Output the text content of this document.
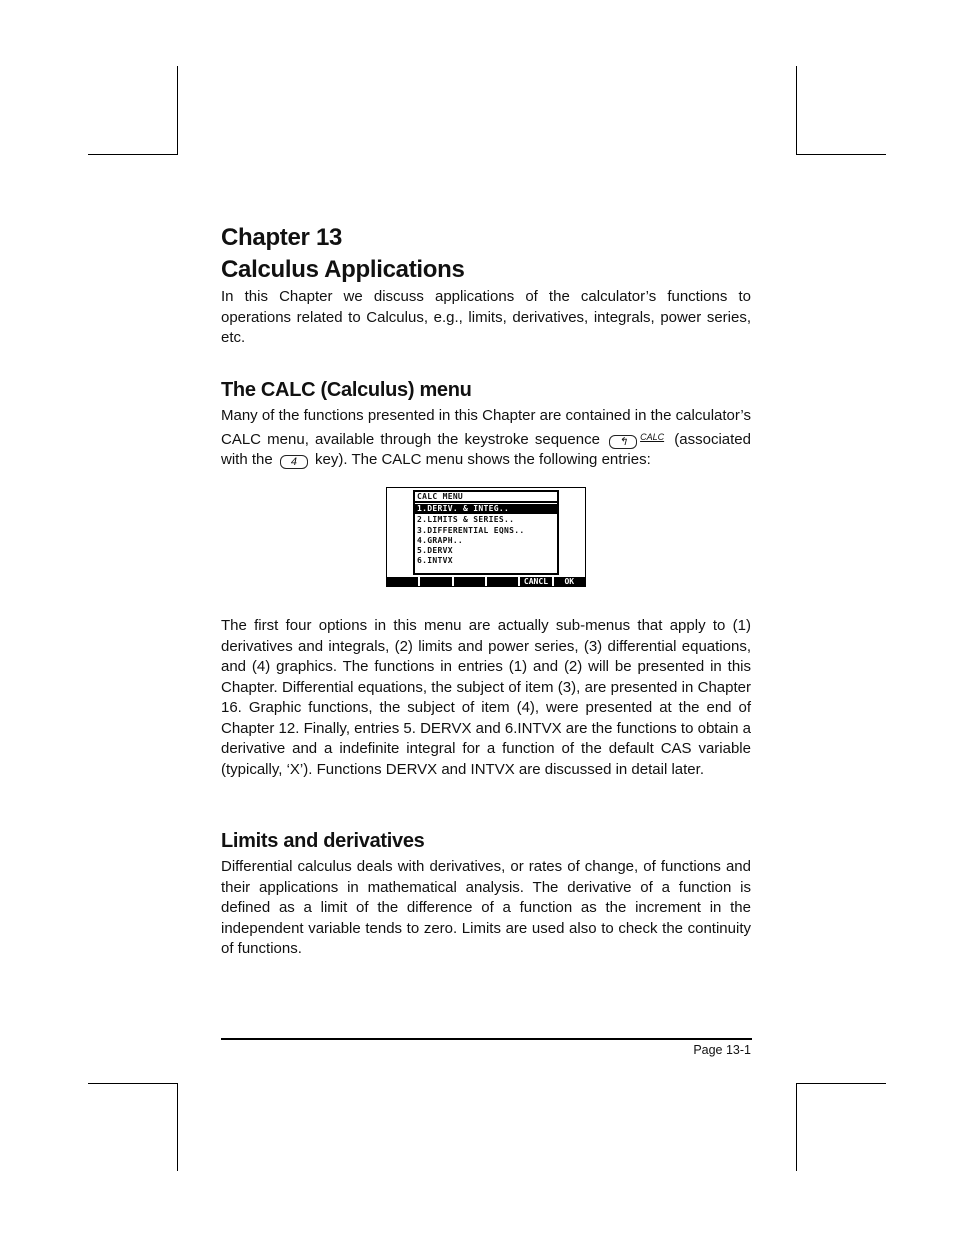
Chapter 13
Calculus Applications

In this Chapter we discuss applications of the calculator’s functions to operations related to Calculus, e.g., limits, derivatives, integrals, power series, etc.

The CALC (Calculus) menu

Many of the functions presented in this Chapter are contained in the calculator’s CALC menu, available through the keystroke sequence ↰ $^{CALC}$ (associated with the 4 key). The CALC menu shows the following entries:

CALC MENU
1.DERIV. & INTEG..
2.LIMITS & SERIES..
3.DIFFERENTIAL EQNS..
4.GRAPH..
5.DERVX
6.INTVX
CANCL	OK

The first four options in this menu are actually sub-menus that apply to (1) derivatives and integrals, (2) limits and power series, (3) differential equations, and (4) graphics. The functions in entries (1) and (2) will be presented in this Chapter. Differential equations, the subject of item (3), are presented in Chapter 16. Graphic functions, the subject of item (4), were presented at the end of Chapter 12. Finally, entries 5. DERVX and 6.INTVX are the functions to obtain a derivative and a indefinite integral for a function of the default CAS variable (typically, ‘X’). Functions DERVX and INTVX are discussed in detail later.

Limits and derivatives

Differential calculus deals with derivatives, or rates of change, of functions and their applications in mathematical analysis. The derivative of a function is defined as a limit of the difference of a function as the increment in the independent variable tends to zero. Limits are used also to check the continuity of functions.

Page 13-1
